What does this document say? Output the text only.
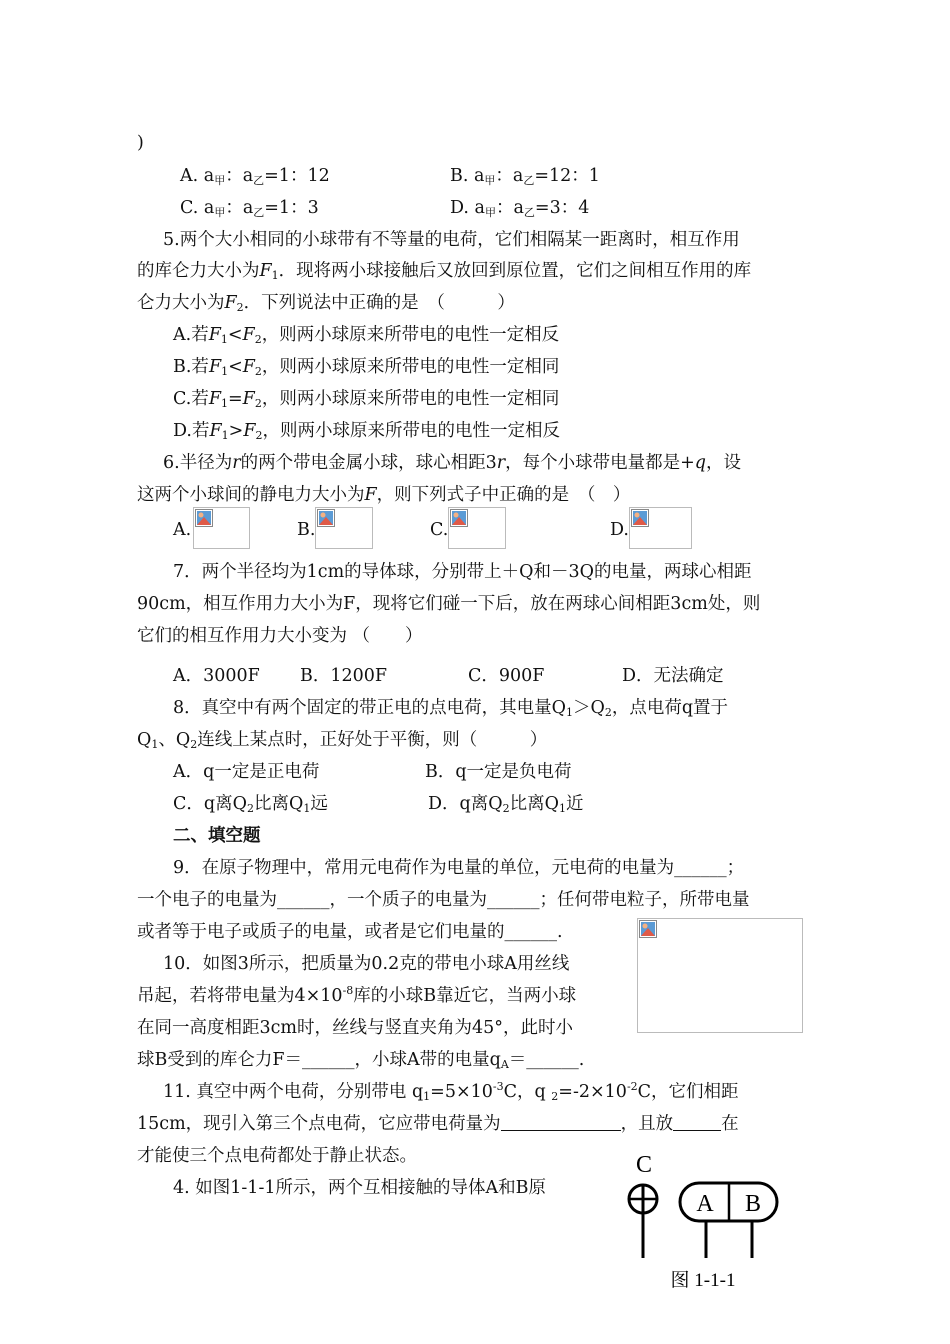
)
A. $a_甲$：$a_乙=1$：12	B. $a_甲$：$a_乙=12$：1
C. $a_甲$：$a_乙=1$：3	D. $a_甲$：$a_乙=3$：4
5.两个大小相同的小球带有不等量的电荷，它们相隔某一距离时，相互作用
的库仑力大小为$F_1$．现将两小球接触后又放回到原位置，它们之间相互作用的库
仑力大小为$F_2$．下列说法中正确的是　（　　　）
A.若$F_1<F_2$，则两小球原来所带电的电性一定相反
B.若$F_1<F_2$，则两小球原来所带电的电性一定相同
C.若$F_1=F_2$，则两小球原来所带电的电性一定相同
D.若$F_1>F_2$，则两小球原来所带电的电性一定相反
6.半径为r的两个带电金属小球，球心相距3r，每个小球带电量都是+q，设
这两个小球间的静电力大小为F，则下列式子中正确的是　（　）
A.	B.	C.	D.
7．两个半径均为1cm的导体球，分别带上＋Q和－3Q的电量，两球心相距
90cm，相互作用力大小为F，现将它们碰一下后，放在两球心间相距3cm处，则
它们的相互作用力大小变为 （　　）
A．3000F B．1200F	C．900F	D．无法确定
8．真空中有两个固定的带正电的点电荷，其电量$Q_1>Q_2$，点电荷q置于
$Q_1$、$Q_2$连线上某点时，正好处于平衡，则（　　　）
A．q一定是正电荷	B．q一定是负电荷
C．q离$Q_2$比离$Q_1$远	D．q离$Q_2$比离$Q_1$近
二、填空题
9．在原子物理中，常用元电荷作为电量的单位，元电荷的电量为______；
一个电子的电量为______，一个质子的电量为______；任何带电粒子，所带电量
或者等于电子或质子的电量，或者是它们电量的______.
10．如图3所示，把质量为0.2克的带电小球A用丝线
吊起，若将带电量为$4\times 10^{-8}$库的小球B靠近它，当两小球
在同一高度相距3cm时，丝线与竖直夹角为45°，此时小
球B受到的库仑力F＝______，小球A带的电量$q_A=\_\_\_\_\_\_$.
11. 真空中两个电荷，分别带电 $q_1=5\times 10^{-3}C$，q $_2=-2\times 10^{-2}C$，它们相距
15cm，现引入第三个点电荷，它应带电荷量为	，且放	在
才能使三个点电荷都处于静止状态。
4. 如图1-1-1所示，两个互相接触的导体A和B原
C
A B
图 1-1-1
